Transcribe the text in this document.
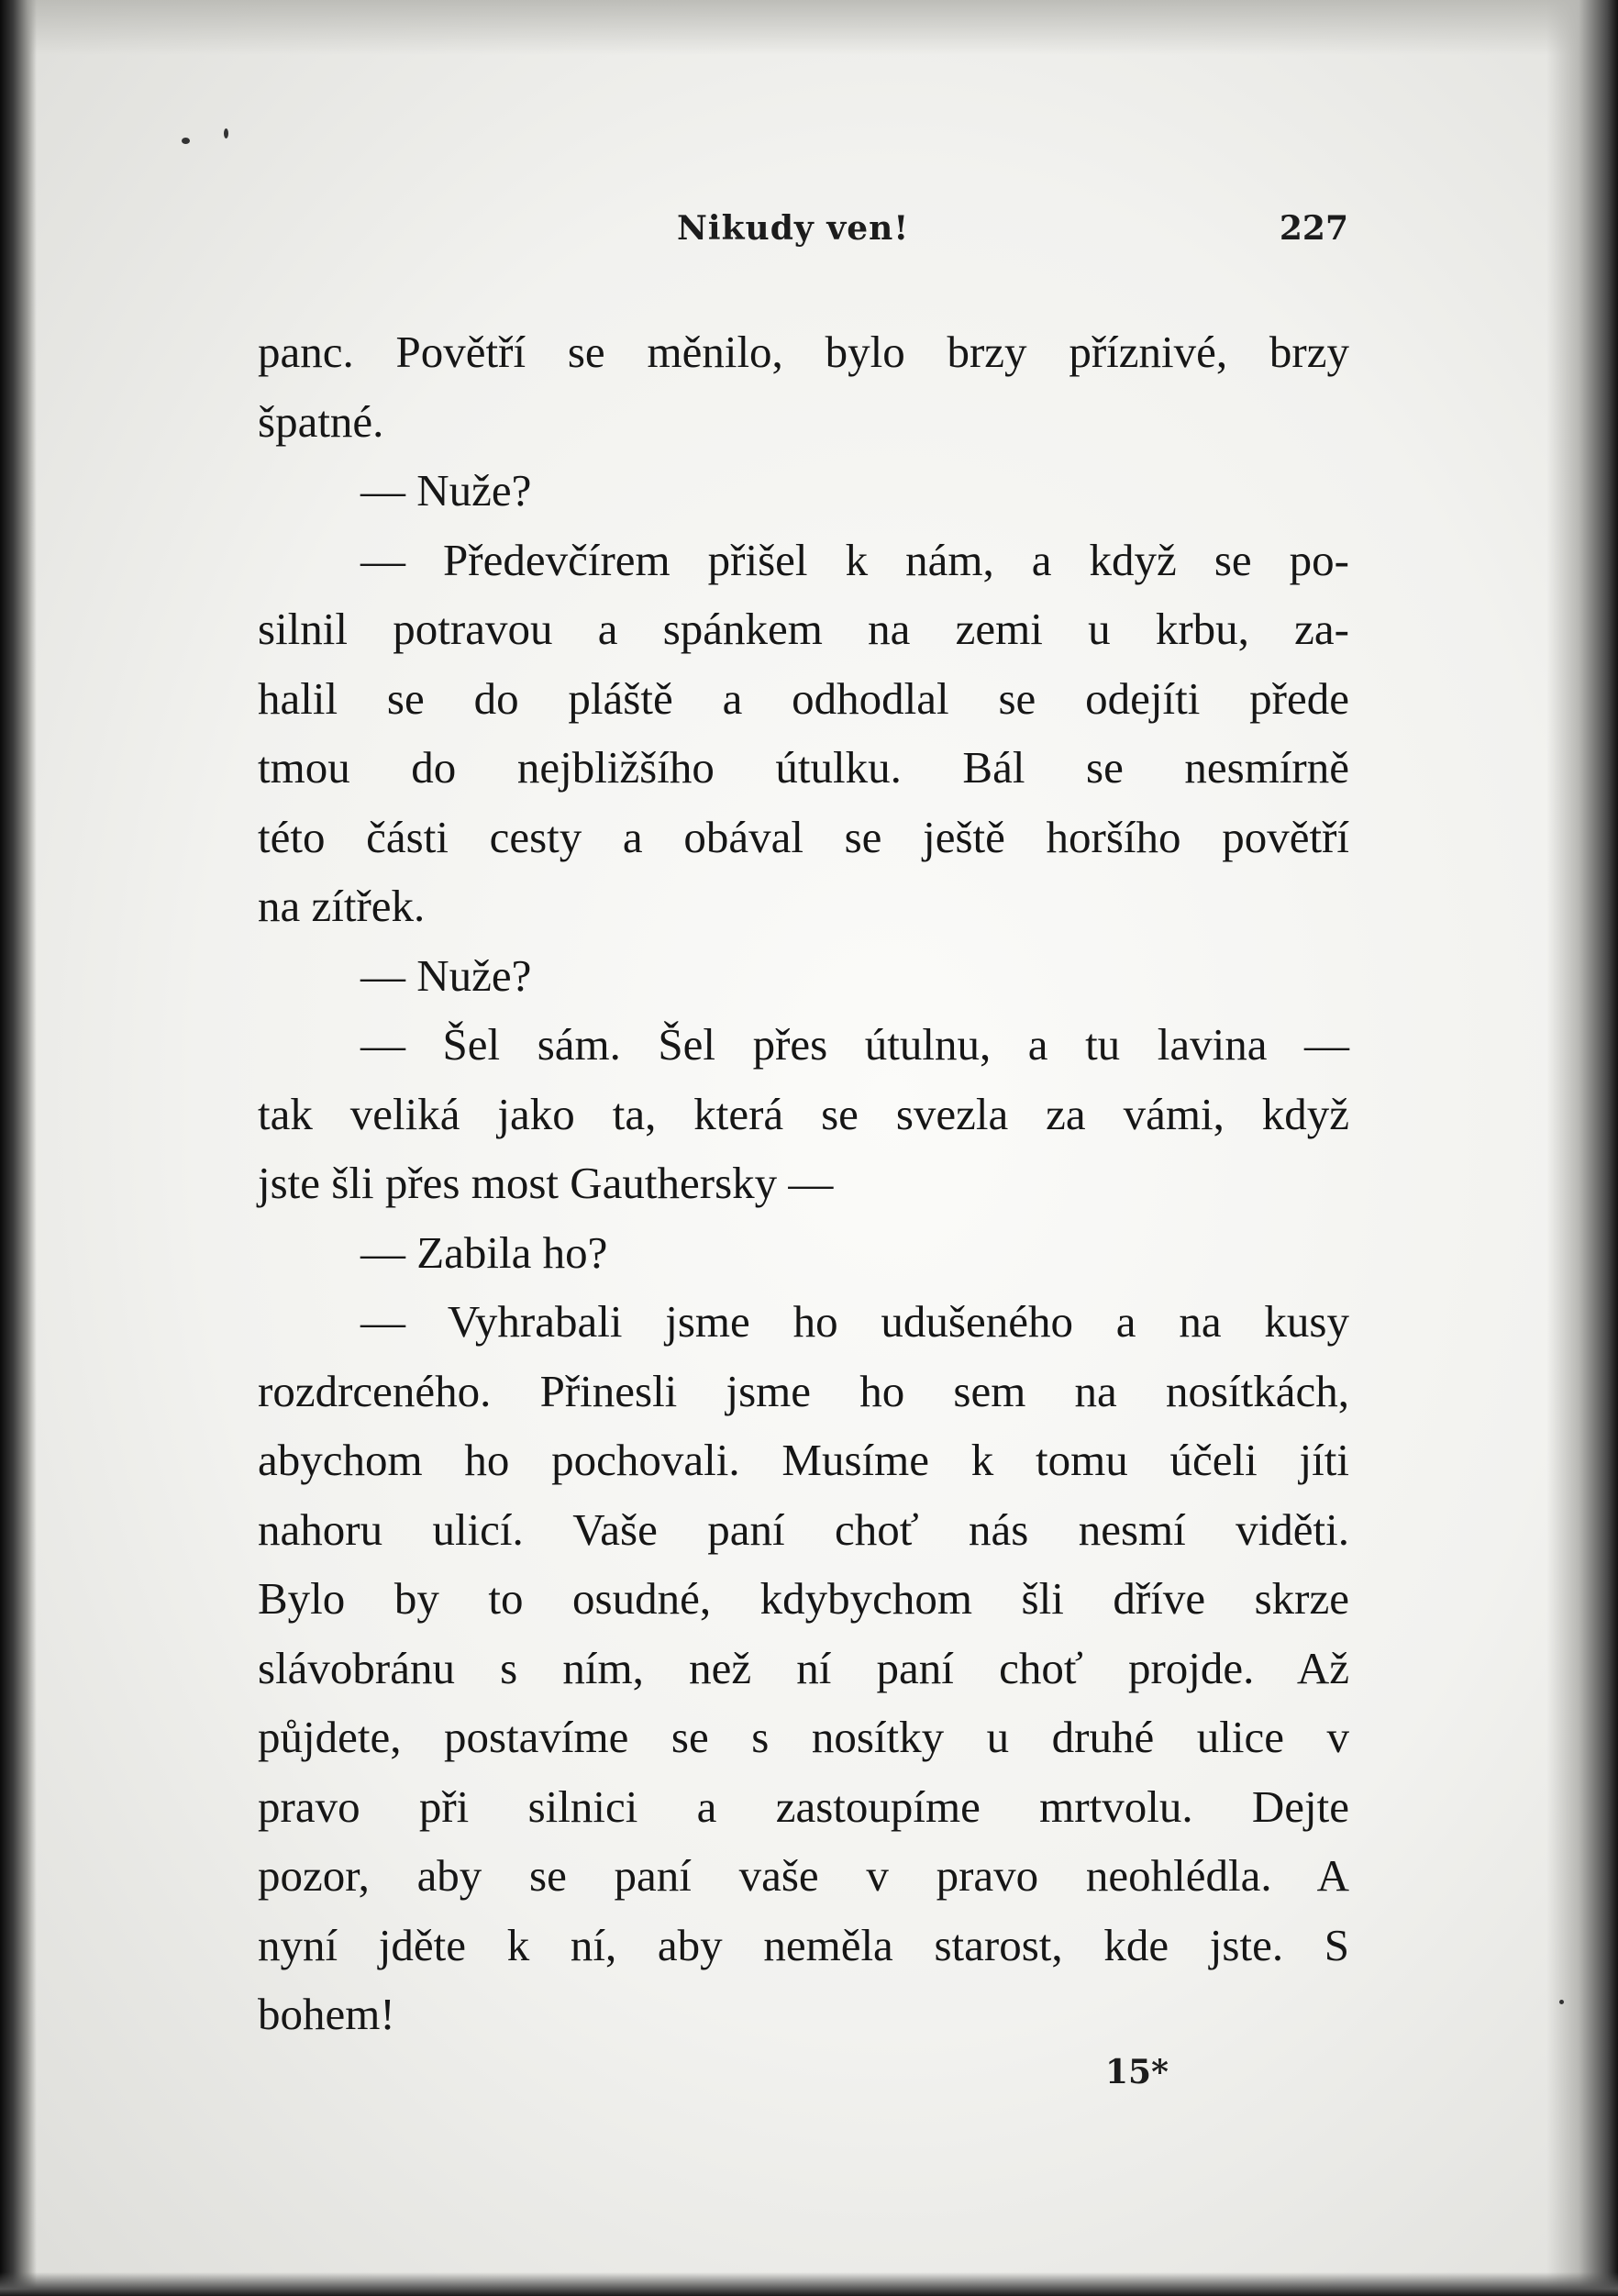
Nikudy ven!	227
panc. Povětří se měnilo, bylo brzy příznivé, brzy
špatné.
— Nuže?
— Předevčírem přišel k nám, a když se po-
silnil potravou a spánkem na zemi u krbu, za-
halil se do pláště a odhodlal se odejíti přede
tmou do nejbližšího útulku. Bál se nesmírně
této části cesty a obával se ještě horšího povětří
na zítřek.
— Nuže?
— Šel sám. Šel přes útulnu, a tu lavina —
tak veliká jako ta, která se svezla za vámi, když
jste šli přes most Gauthersky —
— Zabila ho?
— Vyhrabali jsme ho udušeného a na kusy
rozdrceného. Přinesli jsme ho sem na nosítkách,
abychom ho pochovali. Musíme k tomu účeli jíti
nahoru ulicí. Vaše paní choť nás nesmí viděti.
Bylo by to osudné, kdybychom šli dříve skrze
slávobránu s ním, než ní paní choť projde. Až
půjdete, postavíme se s nosítky u druhé ulice v
pravo při silnici a zastoupíme mrtvolu. Dejte
pozor, aby se paní vaše v pravo neohlédla. A
nyní jděte k ní, aby neměla starost, kde jste. S
bohem!
15*
